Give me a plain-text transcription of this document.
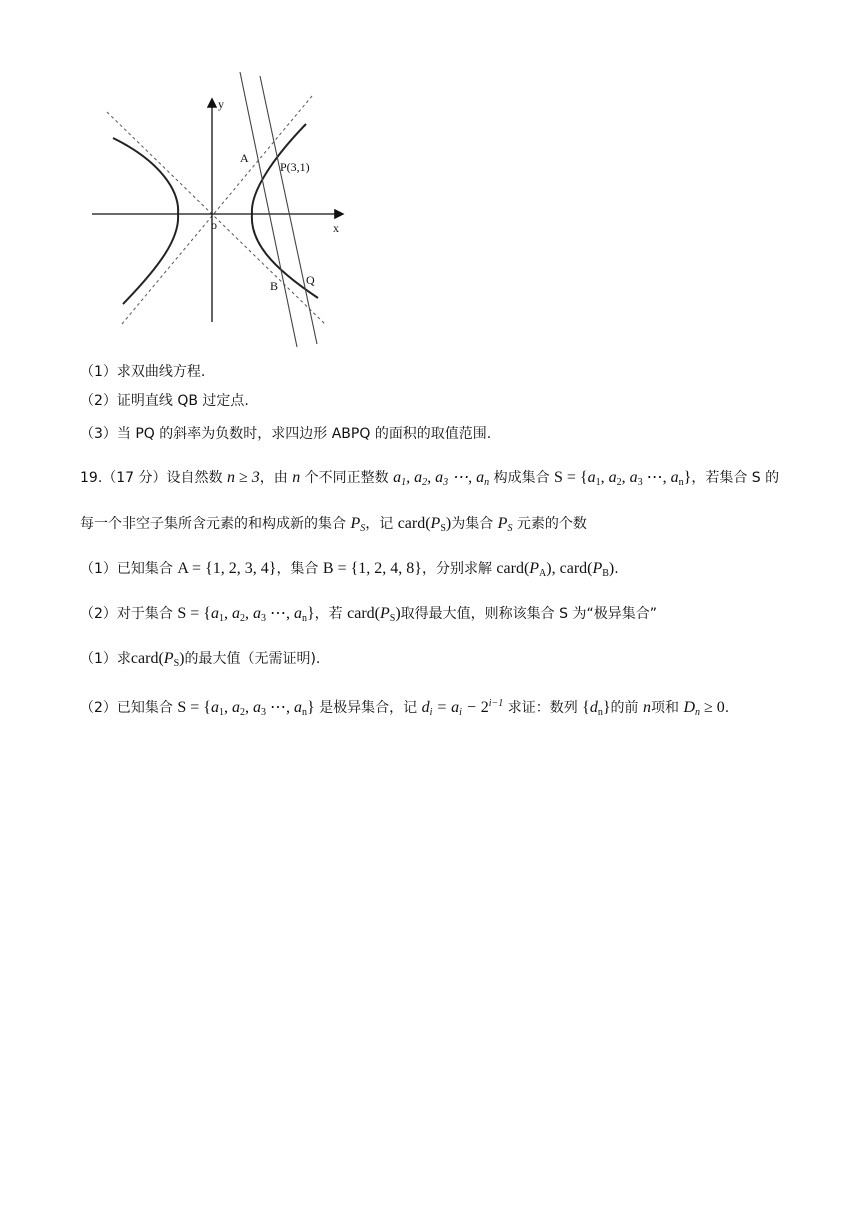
y
x
o
A
P(3,1)
B Q
（1）求双曲线方程.
（2）证明直线 QB 过定点.
（3）当 PQ 的斜率为负数时，求四边形 ABPQ 的面积的取值范围.
19.（17 分）设自然数 n ≥ 3，由 n 个不同正整数 $a_1$, $a_2$, $a_3$ ⋯, $a_n$ 构成集合 $S = \{a_1$, $a_2$, $a_3$ ⋯, $a_n$}，若集合 S 的
每一个非空子集所含元素的和构成新的集合 $P_S$，记 $card(P_S)$为集合 $P_S$ 元素的个数
（1）已知集合 A = {1, 2, 3, 4}，集合 B = {1, 2, 4, 8}，分别求解 $card(P_A)$, $card(P_B)$.
（2）对于集合 $S = \{a_1$, $a_2$, $a_3$ ⋯, $a_n$}，若 $card(P_S)$取得最大值，则称该集合 S 为“极异集合”
（1）求$card(P_S)$的最大值（无需证明).
（2）已知集合 $S = \{a_1$, $a_2$, $a_3$ ⋯, $a_n$} 是极异集合，记 $d_i = a_i - 2^{i-1}$ 求证：数列 $\{d_n\}$的前 n项和 $D_n \ge 0$.
